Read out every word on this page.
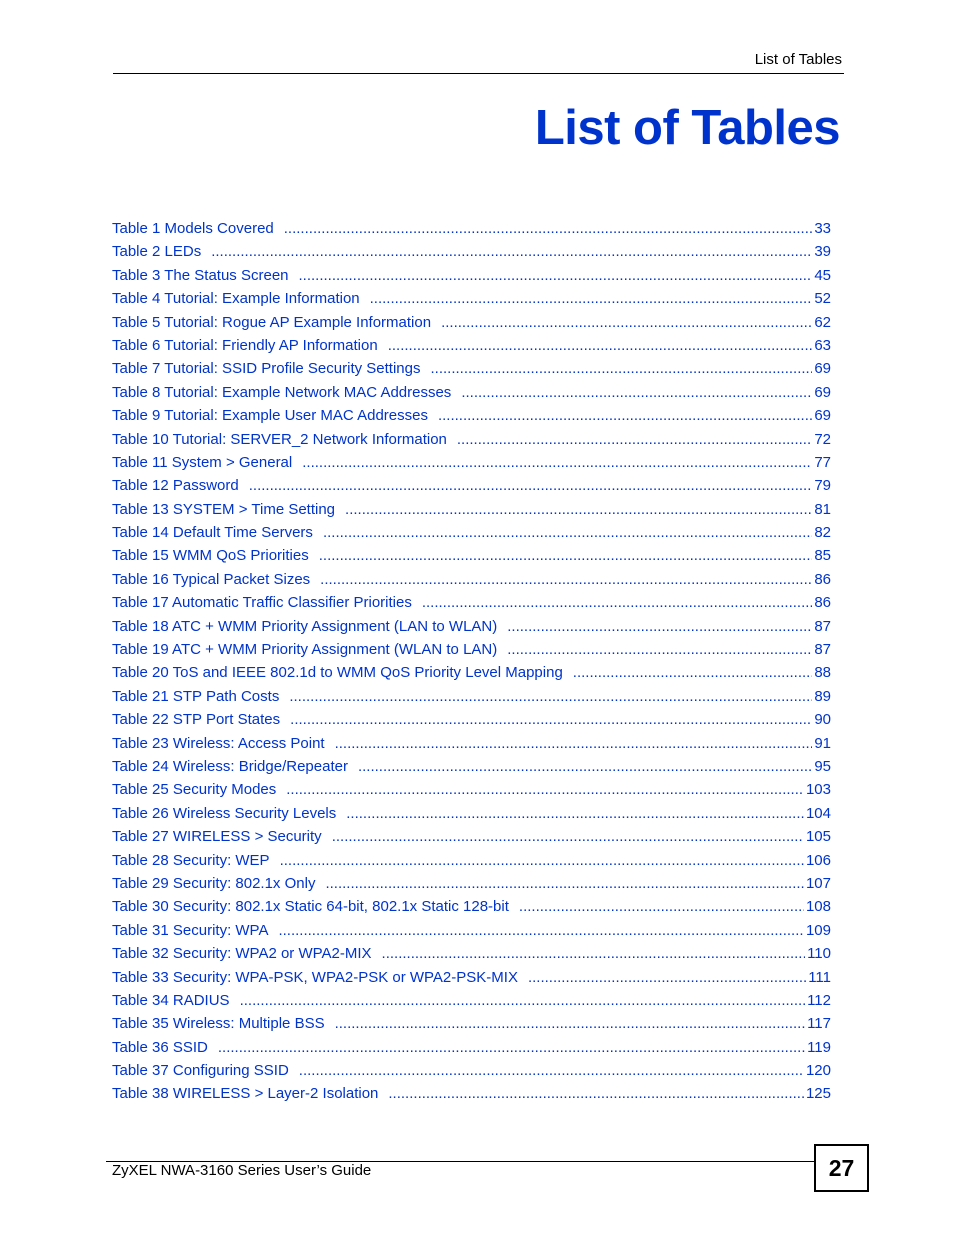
List of Tables
List of Tables
Table 1 Models Covered .....	33
Table 2 LEDs .....	39
Table 3 The Status Screen .....	45
Table 4 Tutorial: Example Information .....	52
Table 5 Tutorial: Rogue AP Example Information .....	62
Table 6 Tutorial: Friendly AP Information .....	63
Table 7 Tutorial: SSID Profile Security Settings .....	69
Table 8 Tutorial: Example Network MAC Addresses .....	69
Table 9 Tutorial: Example User MAC Addresses .....	69
Table 10 Tutorial: SERVER_2 Network Information .....	72
Table 11 System > General .....	77
Table 12 Password .....	79
Table 13 SYSTEM > Time Setting .....	81
Table 14 Default Time Servers .....	82
Table 15 WMM QoS Priorities .....	85
Table 16 Typical Packet Sizes .....	86
Table 17 Automatic Traffic Classifier Priorities .....	86
Table 18 ATC + WMM Priority Assignment (LAN to WLAN) .....	87
Table 19 ATC + WMM Priority Assignment (WLAN to LAN) .....	87
Table 20 ToS and IEEE 802.1d to WMM QoS Priority Level Mapping .....	88
Table 21 STP Path Costs .....	89
Table 22 STP Port States .....	90
Table 23 Wireless: Access Point .....	91
Table 24 Wireless: Bridge/Repeater .....	95
Table 25 Security Modes .....	103
Table 26 Wireless Security Levels .....	104
Table 27 WIRELESS > Security .....	105
Table 28 Security: WEP .....	106
Table 29 Security: 802.1x Only .....	107
Table 30 Security: 802.1x Static 64-bit, 802.1x Static 128-bit .....	108
Table 31 Security: WPA .....	109
Table 32 Security: WPA2 or WPA2-MIX .....	110
Table 33 Security: WPA-PSK, WPA2-PSK or WPA2-PSK-MIX .....	111
Table 34 RADIUS .....	112
Table 35 Wireless: Multiple BSS .....	117
Table 36 SSID .....	119
Table 37 Configuring SSID .....	120
Table 38 WIRELESS > Layer-2 Isolation .....	125
ZyXEL NWA-3160 Series User’s Guide	27
